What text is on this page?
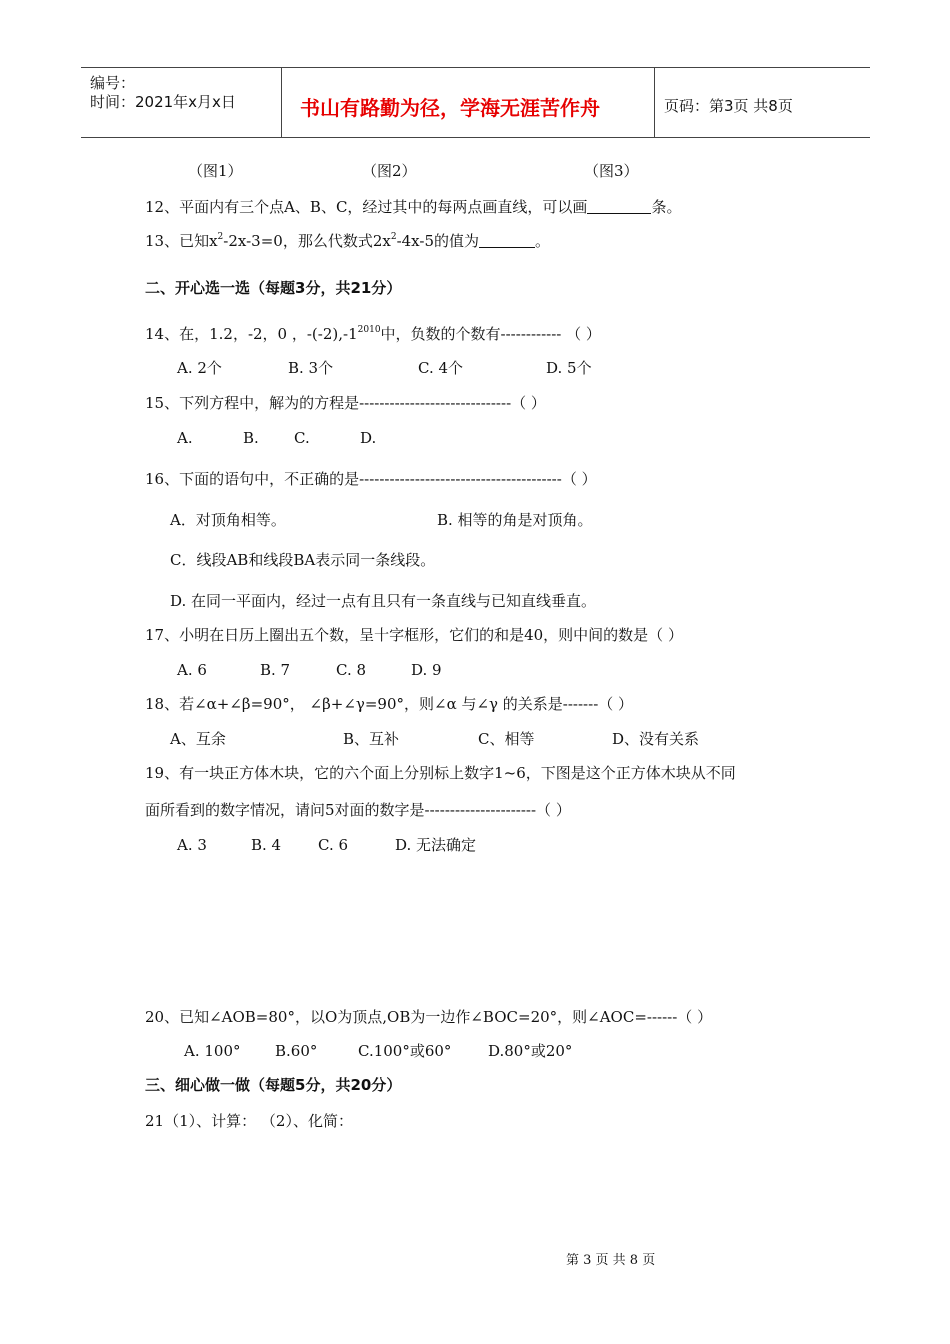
编号：
时间：2021年x月x日	书山有路勤为径，学海无涯苦作舟	页码：第3页 共8页
（图1）	（图2）	（图3）
12、平面内有三个点A、B、C，经过其中的每两点画直线，可以画	条。
13、已知$x^2-2x-3=0$，那么代数式$2x^2-4x-5$的值为	。
二、开心选一选（每题3分，共21分）
14、在，1.2，-2，0 ，$-(-2),-1^{2010}$中，负数的个数有------------ （ ）
A. 2个	B. 3个	C. 4个	D. 5个
15、下列方程中，解为的方程是------------------------------（ ）
A.	B. C.	D.
16、下面的语句中，不正确的是----------------------------------------（ ）
A．对顶角相等。	B. 相等的角是对顶角。
C．线段AB和线段BA表示同一条线段。
D. 在同一平面内，经过一点有且只有一条直线与已知直线垂直。
17、小明在日历上圈出五个数，呈十字框形，它们的和是40，则中间的数是（ ）
A. 6	B. 7	C. 8	D. 9
18、若∠α+∠β=90°， ∠β+∠γ=90°，则∠α 与∠γ 的关系是-------（ ）
A、互余	B、互补	C、相等	D、没有关系
19、有一块正方体木块，它的六个面上分别标上数字1~6，下图是这个正方体木块从不同
面所看到的数字情况，请问5对面的数字是----------------------（ ）
A. 3	B. 4 C. 6	D. 无法确定
20、已知∠AOB=80°，以O为顶点,OB为一边作∠BOC=20°，则∠AOC=------（ ）
A. 100° B.60°	C.100°或60° D.80°或20°
三、细心做一做（每题5分，共20分）
21（1）、计算： （2）、化简：
第 3 页 共 8 页
